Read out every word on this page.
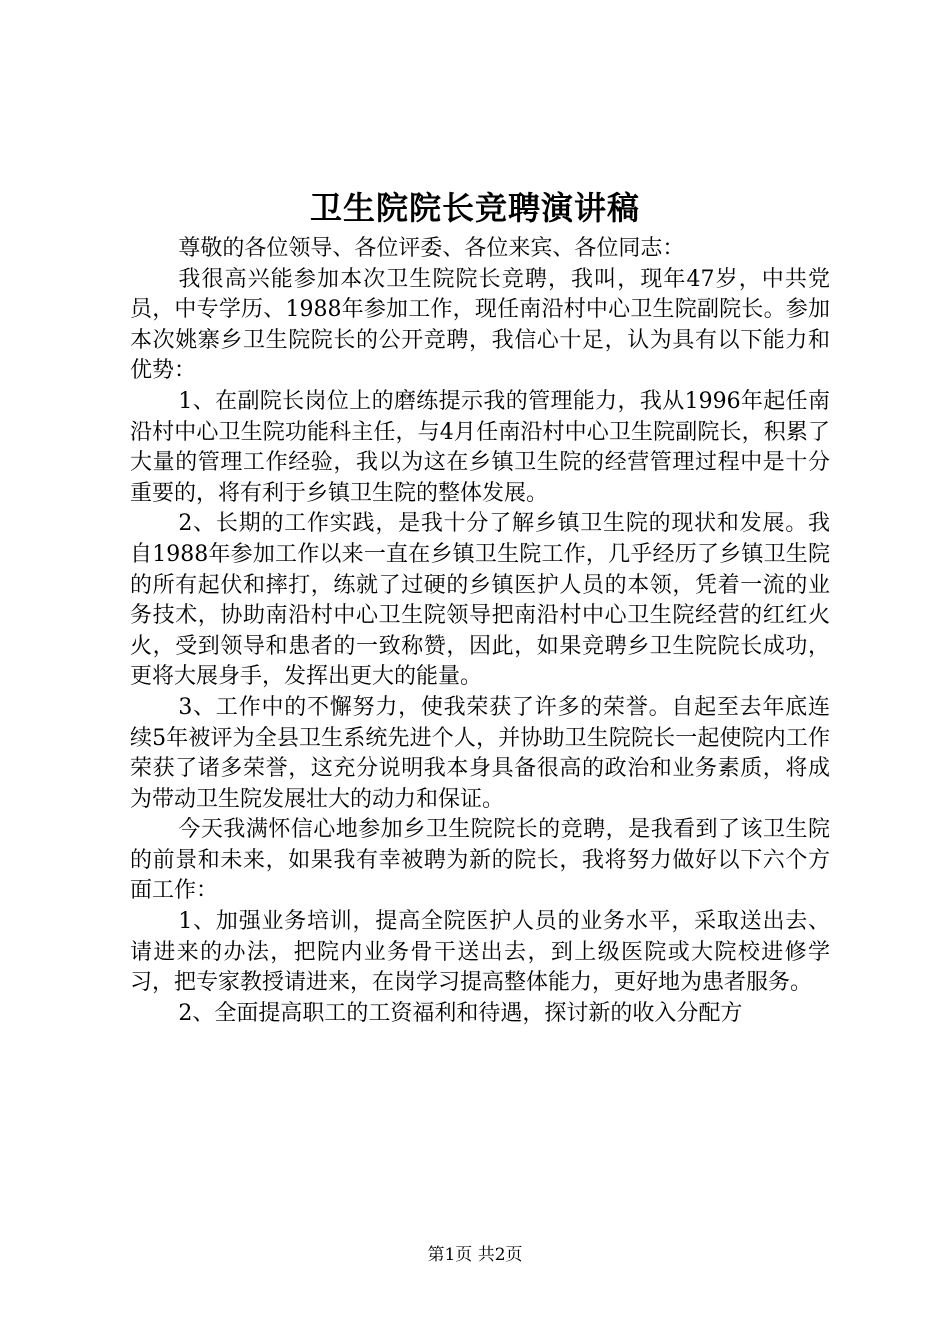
卫生院院长竞聘演讲稿

尊敬的各位领导、各位评委、各位来宾、各位同志：

我很高兴能参加本次卫生院院长竞聘，我叫，现年47岁，中共党员，中专学历、1988年参加工作，现任南沿村中心卫生院副院长。参加本次姚寨乡卫生院院长的公开竞聘，我信心十足，认为具有以下能力和优势：

1、在副院长岗位上的磨练提示我的管理能力，我从1996年起任南沿村中心卫生院功能科主任，与4月任南沿村中心卫生院副院长，积累了大量的管理工作经验，我以为这在乡镇卫生院的经营管理过程中是十分重要的，将有利于乡镇卫生院的整体发展。

2、长期的工作实践，是我十分了解乡镇卫生院的现状和发展。我自1988年参加工作以来一直在乡镇卫生院工作，几乎经历了乡镇卫生院的所有起伏和摔打，练就了过硬的乡镇医护人员的本领，凭着一流的业务技术，协助南沿村中心卫生院领导把南沿村中心卫生院经营的红红火火，受到领导和患者的一致称赞，因此，如果竞聘乡卫生院院长成功，更将大展身手，发挥出更大的能量。

3、工作中的不懈努力，使我荣获了许多的荣誉。自起至去年底连续5年被评为全县卫生系统先进个人，并协助卫生院院长一起使院内工作荣获了诸多荣誉，这充分说明我本身具备很高的政治和业务素质，将成为带动卫生院发展壮大的动力和保证。

今天我满怀信心地参加乡卫生院院长的竞聘，是我看到了该卫生院的前景和未来，如果我有幸被聘为新的院长，我将努力做好以下六个方面工作：

1、加强业务培训，提高全院医护人员的业务水平，采取送出去、请进来的办法，把院内业务骨干送出去，到上级医院或大院校进修学习，把专家教授请进来，在岗学习提高整体能力，更好地为患者服务。

2、全面提高职工的工资福利和待遇，探讨新的收入分配方

第1页 共2页
